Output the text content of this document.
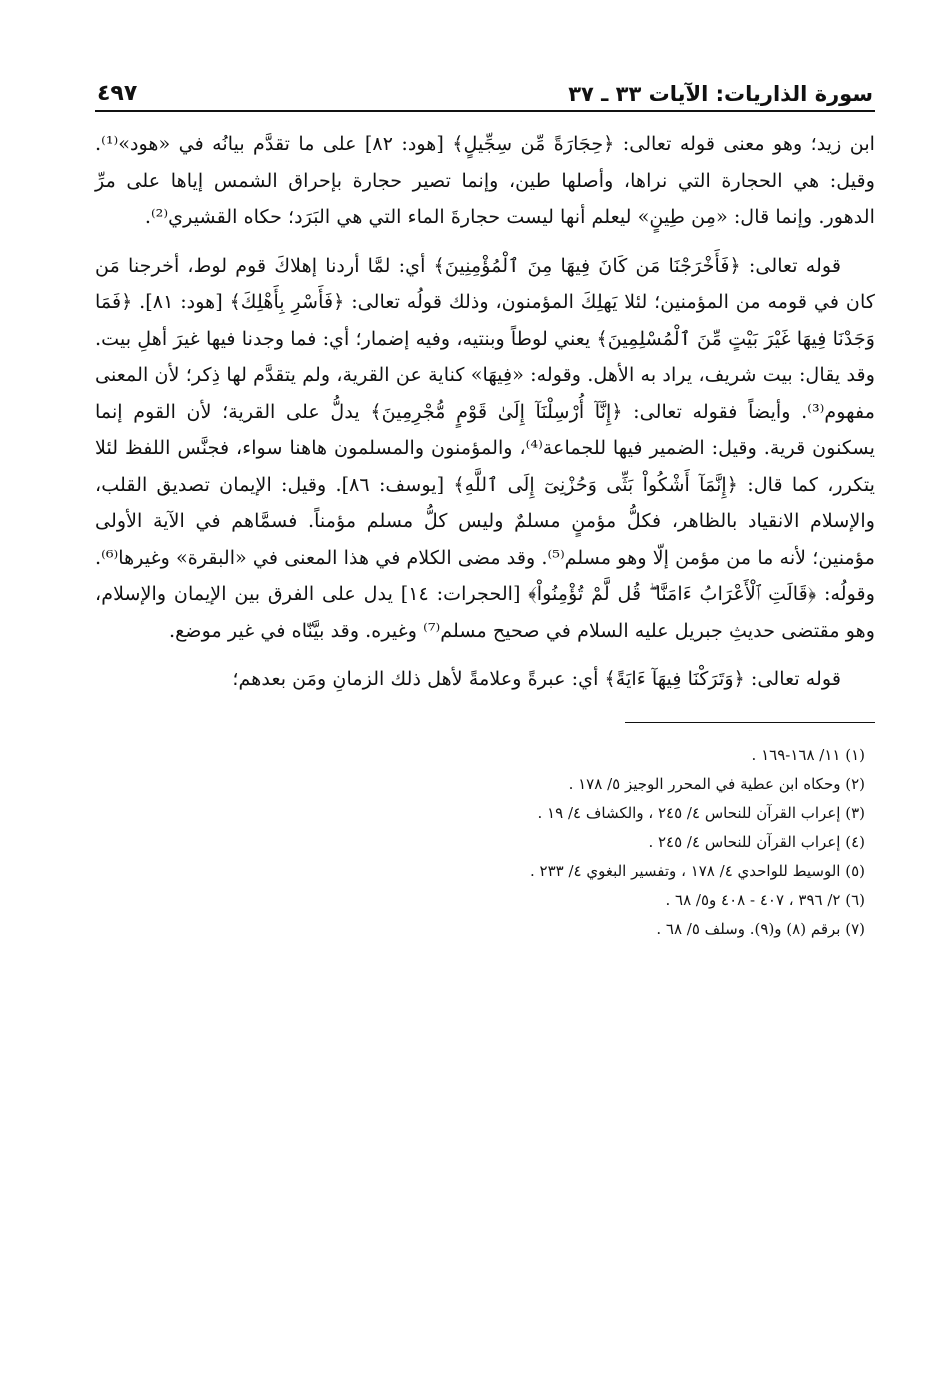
سورة الذاريات: الآيات ٣٣ ـ ٣٧
٤٩٧

ابن زيد؛ وهو معنى قوله تعالى: ﴿حِجَارَةً مِّن سِجِّيلٍ﴾ [هود: ٨٢] على ما تقدَّم بيانُه في «هود»⁽¹⁾. وقيل: هي الحجارة التي نراها، وأصلها طين، وإنما تصير حجارة بإحراق الشمس إياها على مرِّ الدهور. وإنما قال: «مِن طِينٍ» ليعلم أنها ليست حجارةَ الماء التي هي البَرَد؛ حكاه القشيري⁽²⁾.

قوله تعالى: ﴿فَأَخْرَجْنَا مَن كَانَ فِيهَا مِنَ ٱلْمُؤْمِنِينَ﴾ أي: لمَّا أردنا إهلاكَ قوم لوط، أخرجنا مَن كان في قومه من المؤمنين؛ لئلا يَهلِكَ المؤمنون، وذلك قولُه تعالى: ﴿فَأَسْرِ بِأَهْلِكَ﴾ [هود: ٨١]. ﴿فَمَا وَجَدْنَا فِيهَا غَيْرَ بَيْتٍ مِّنَ ٱلْمُسْلِمِينَ﴾ يعني لوطاً وبنتيه، وفيه إضمار؛ أي: فما وجدنا فيها غيرَ أهلِ بيت. وقد يقال: بيت شريف، يراد به الأهل. وقوله: «فِيهَا» كناية عن القرية، ولم يتقدَّم لها ذِكر؛ لأن المعنى مفهوم⁽³⁾. وأيضاً فقوله تعالى: ﴿إِنَّآ أُرْسِلْنَآ إِلَىٰ قَوْمٍ مُّجْرِمِينَ﴾ يدلُّ على القرية؛ لأن القوم إنما يسكنون قرية. وقيل: الضمير فيها للجماعة⁽⁴⁾، والمؤمنون والمسلمون هاهنا سواء، فجنَّس اللفظ لئلا يتكرر، كما قال: ﴿إِنَّمَآ أَشْكُواْ بَثِّى وَحُزْنِىٓ إِلَى ٱللَّهِ﴾ [يوسف: ٨٦]. وقيل: الإيمان تصديق القلب، والإسلام الانقياد بالظاهر، فكلُّ مؤمنٍ مسلمٌ وليس كلُّ مسلم مؤمناً. فسمَّاهم في الآية الأولى مؤمنين؛ لأنه ما من مؤمن إلّا وهو مسلم⁽⁵⁾. وقد مضى الكلام في هذا المعنى في «البقرة» وغيرها⁽⁶⁾. وقولُه: ﴿قَالَتِ ٱلْأَعْرَابُ ءَامَنَّا ۖ قُل لَّمْ تُؤْمِنُواْ﴾ [الحجرات: ١٤] يدل على الفرق بين الإيمان والإسلام، وهو مقتضى حديثِ جبريل عليه السلام في صحيح مسلم⁽⁷⁾ وغيره. وقد بيَّنّاه في غير موضع.

قوله تعالى: ﴿وَتَرَكْنَا فِيهَآ ءَايَةً﴾ أي: عبرةً وعلامةً لأهل ذلك الزمانِ ومَن بعدهم؛

(١) ١١/ ١٦٨-١٦٩ .
(٢) وحكاه ابن عطية في المحرر الوجيز ٥/ ١٧٨ .
(٣) إعراب القرآن للنحاس ٤/ ٢٤٥ ، والكشاف ٤/ ١٩ .
(٤) إعراب القرآن للنحاس ٤/ ٢٤٥ .
(٥) الوسيط للواحدي ٤/ ١٧٨ ، وتفسير البغوي ٤/ ٢٣٣ .
(٦) ٢/ ٣٩٦ ، ٤٠٧ - ٤٠٨ و٥/ ٦٨ .
(٧) برقم (٨) و(٩). وسلف ٥/ ٦٨ .
